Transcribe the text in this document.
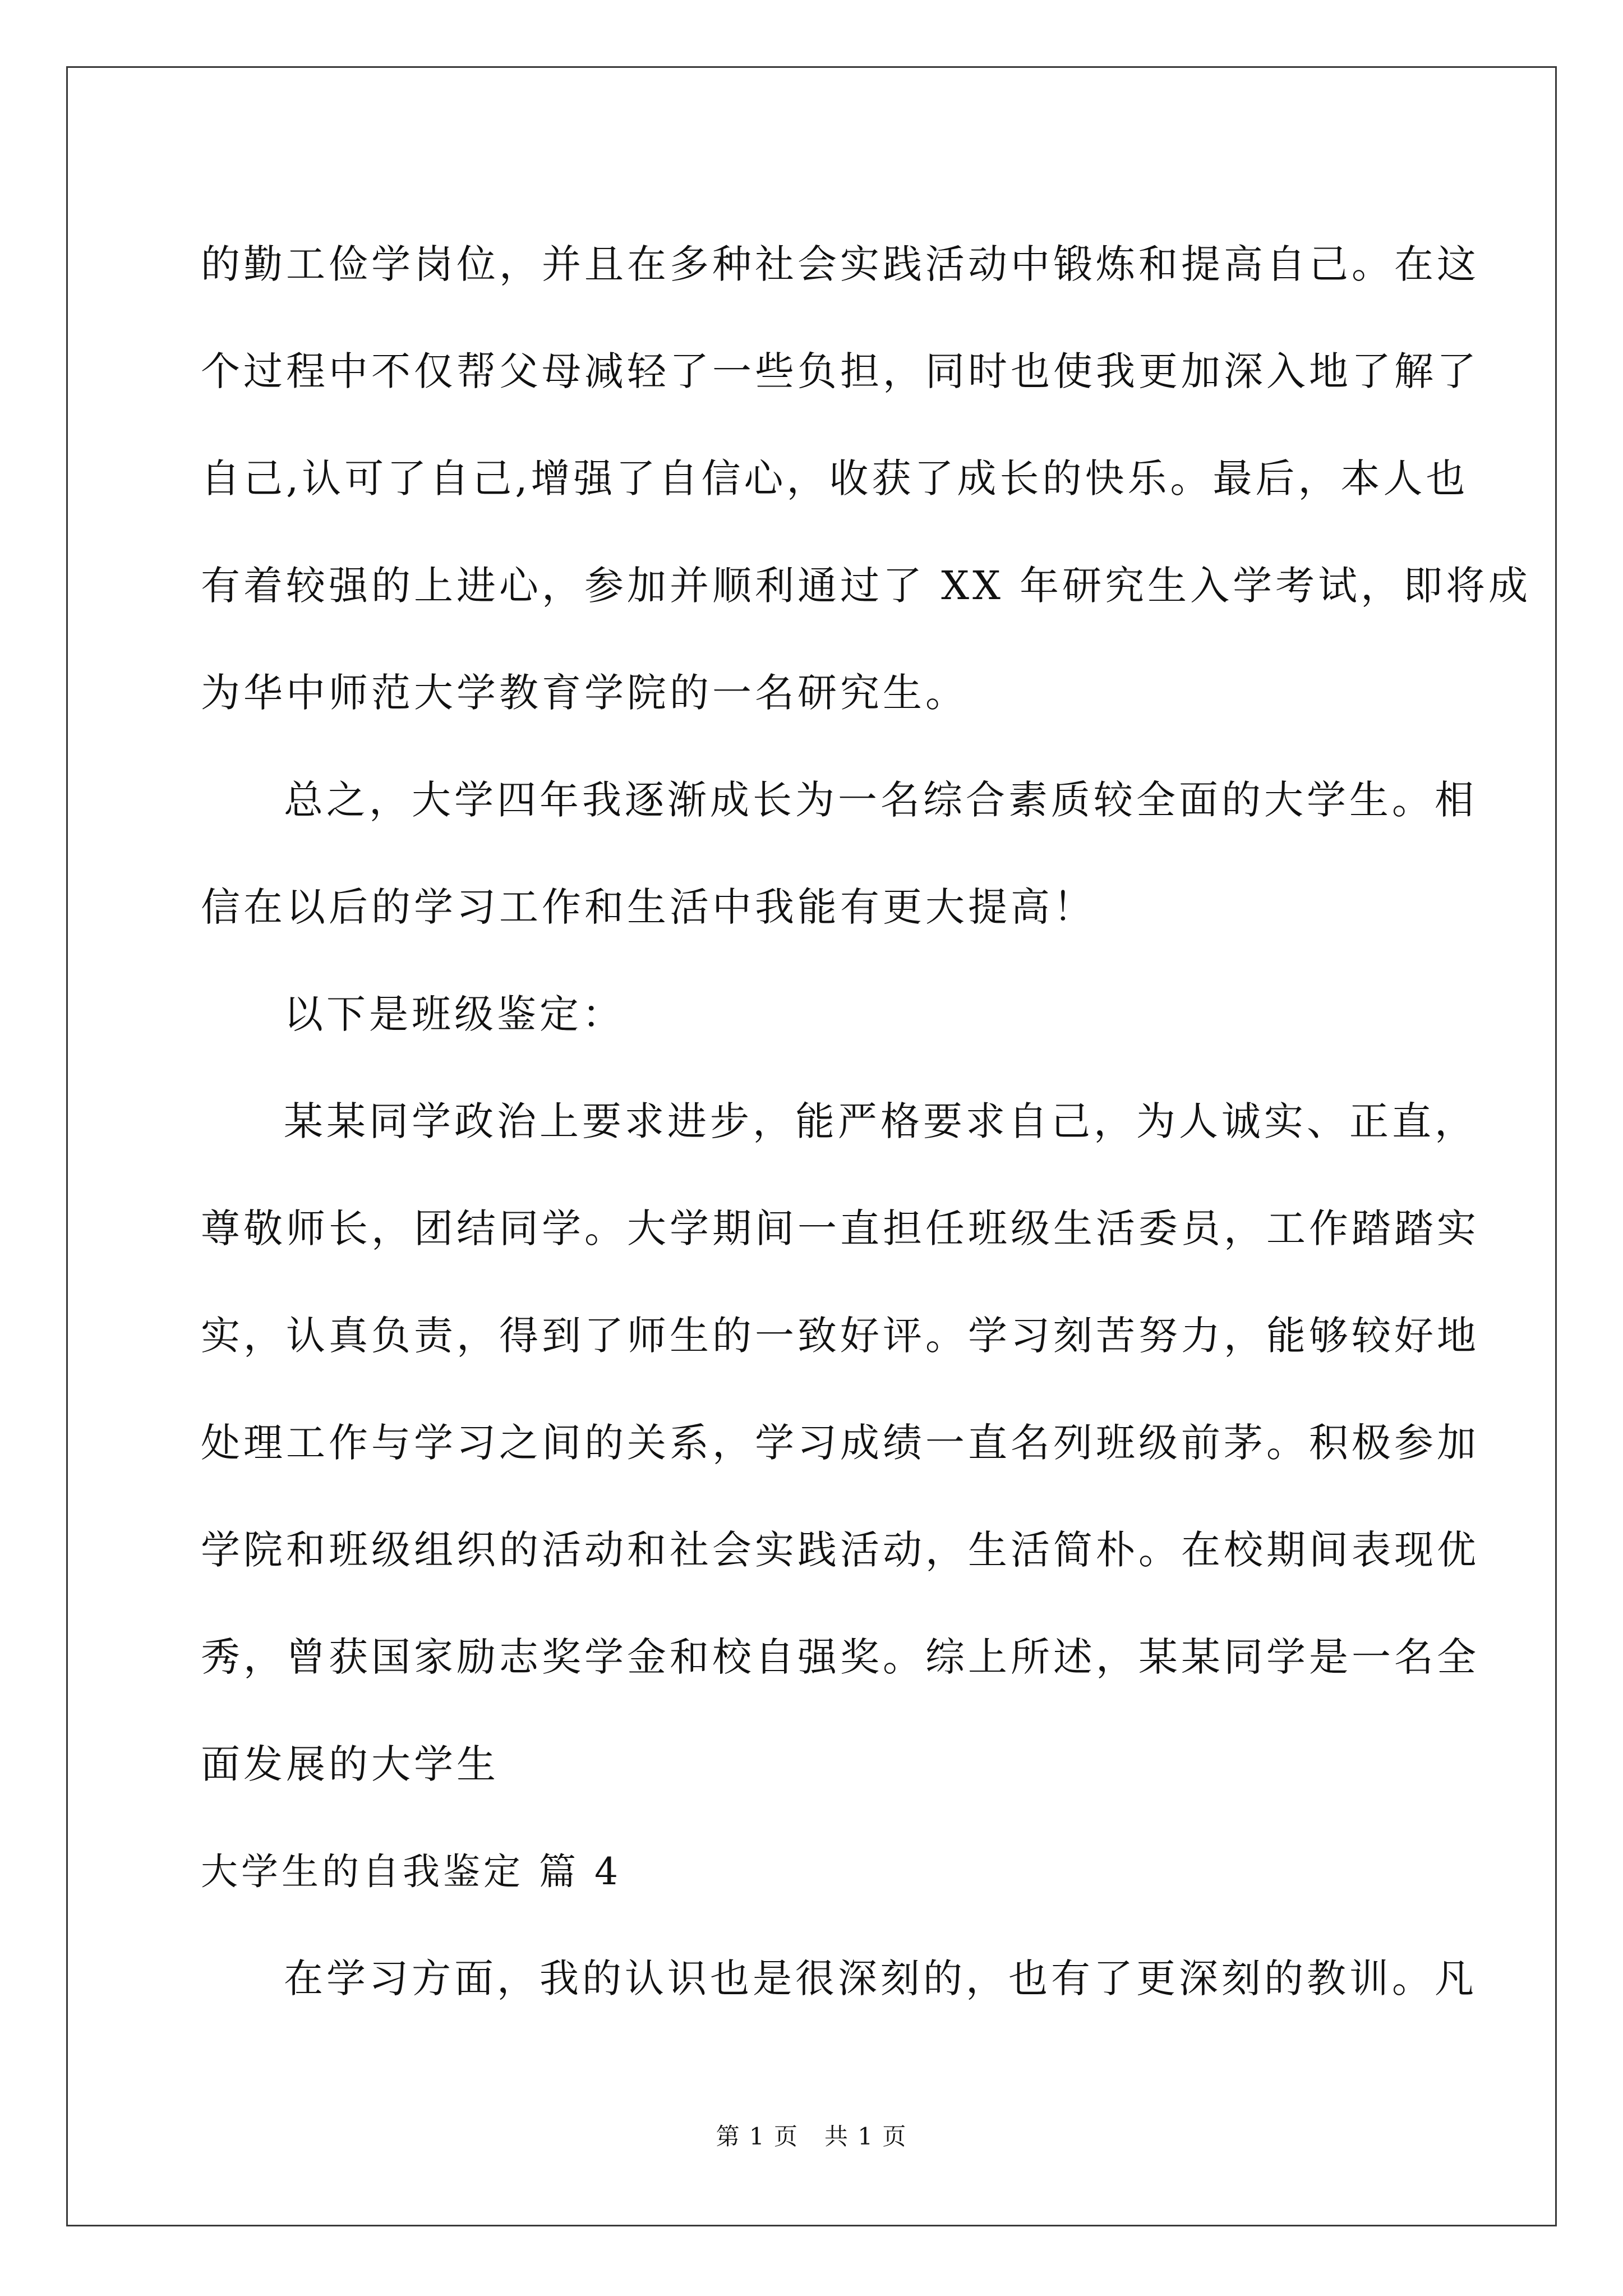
的勤工俭学岗位，并且在多种社会实践活动中锻炼和提高自己。在这
个过程中不仅帮父母减轻了一些负担，同时也使我更加深入地了解了
自己,认可了自己,增强了自信心，收获了成长的快乐。最后，本人也
有着较强的上进心，参加并顺利通过了 XX 年研究生入学考试，即将成
为华中师范大学教育学院的一名研究生。
总之，大学四年我逐渐成长为一名综合素质较全面的大学生。相
信在以后的学习工作和生活中我能有更大提高！
以下是班级鉴定：
某某同学政治上要求进步，能严格要求自己，为人诚实、正直，
尊敬师长，团结同学。大学期间一直担任班级生活委员，工作踏踏实
实，认真负责，得到了师生的一致好评。学习刻苦努力，能够较好地
处理工作与学习之间的关系，学习成绩一直名列班级前茅。积极参加
学院和班级组织的活动和社会实践活动，生活简朴。在校期间表现优
秀，曾获国家励志奖学金和校自强奖。综上所述，某某同学是一名全
面发展的大学生
大学生的自我鉴定 篇 4
在学习方面，我的认识也是很深刻的，也有了更深刻的教训。凡
第 1 页 共 1 页
